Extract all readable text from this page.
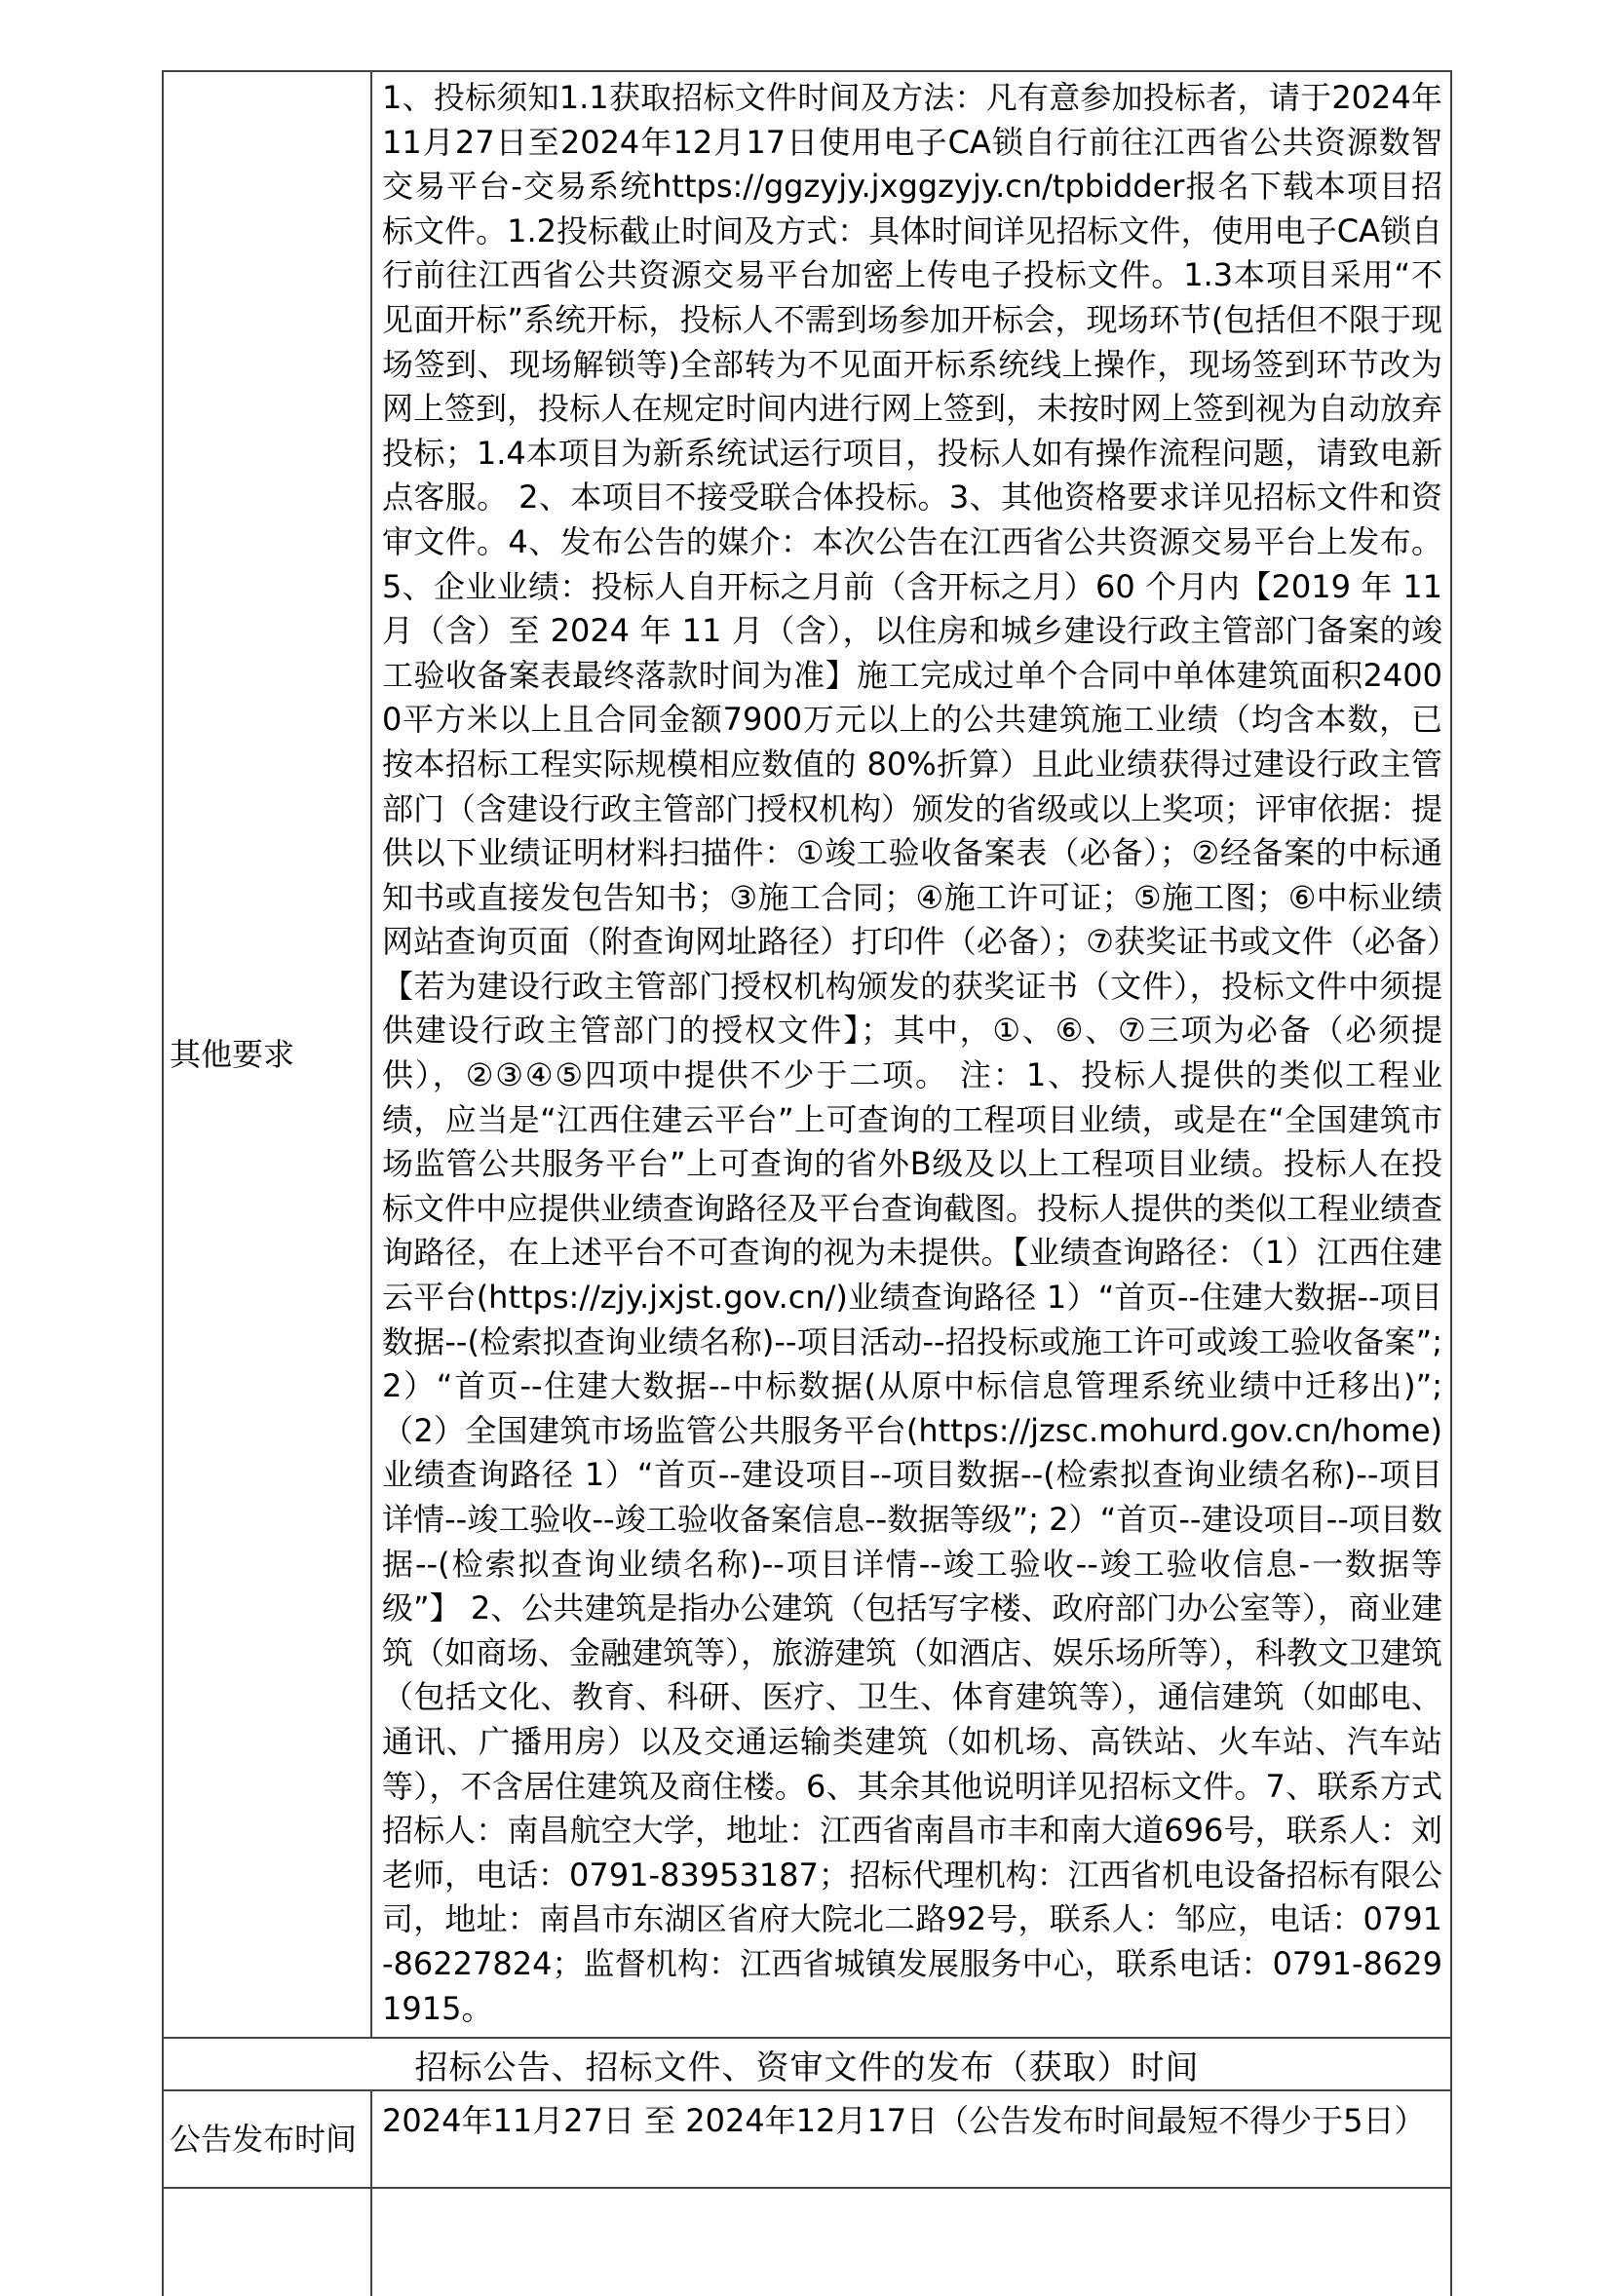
其他要求	1、投标须知1.1获取招标文件时间及方法：凡有意参加投标者，请于2024年11月27日至2024年12月17日使用电子CA锁自行前往江西省公共资源数智交易平台-交易系统https://ggzyjy.jxggzyjy.cn/tpbidder报名下载本项目招标文件。1.2投标截止时间及方式：具体时间详见招标文件，使用电子CA锁自行前往江西省公共资源交易平台加密上传电子投标文件。1.3本项目采用“不见面开标”系统开标，投标人不需到场参加开标会，现场环节(包括但不限于现场签到、现场解锁等)全部转为不见面开标系统线上操作，现场签到环节改为网上签到，投标人在规定时间内进行网上签到，未按时网上签到视为自动放弃投标；1.4本项目为新系统试运行项目，投标人如有操作流程问题，请致电新点客服。 2、本项目不接受联合体投标。3、其他资格要求详见招标文件和资审文件。4、发布公告的媒介：本次公告在江西省公共资源交易平台上发布。5、企业业绩：投标人自开标之月前（含开标之月）60 个月内【2019 年 11月（含）至 2024 年 11 月（含），以住房和城乡建设行政主管部门备案的竣工验收备案表最终落款时间为准】施工完成过单个合同中单体建筑面积24000平方米以上且合同金额7900万元以上的公共建筑施工业绩（均含本数，已按本招标工程实际规模相应数值的 80%折算）且此业绩获得过建设行政主管部门（含建设行政主管部门授权机构）颁发的省级或以上奖项；评审依据：提供以下业绩证明材料扫描件：①竣工验收备案表（必备）；②经备案的中标通知书或直接发包告知书；③施工合同；④施工许可证；⑤施工图；⑥中标业绩网站查询页面（附查询网址路径）打印件（必备）；⑦获奖证书或文件（必备）【若为建设行政主管部门授权机构颁发的获奖证书（文件），投标文件中须提供建设行政主管部门的授权文件】；其中，①、⑥、⑦三项为必备（必须提供），②③④⑤四项中提供不少于二项。 注：1、投标人提供的类似工程业绩，应当是“江西住建云平台”上可查询的工程项目业绩，或是在“全国建筑市场监管公共服务平台”上可查询的省外B级及以上工程项目业绩。投标人在投标文件中应提供业绩查询路径及平台查询截图。投标人提供的类似工程业绩查询路径，在上述平台不可查询的视为未提供。【业绩查询路径：（1）江西住建云平台(https://zjy.jxjst.gov.cn/)业绩查询路径 1）“首页--住建大数据--项目数据--(检索拟查询业绩名称)--项目活动--招投标或施工许可或竣工验收备案”; 2）“首页--住建大数据--中标数据(从原中标信息管理系统业绩中迁移出)”; （2）全国建筑市场监管公共服务平台(https://jzsc.mohurd.gov.cn/home)业绩查询路径 1）“首页--建设项目--项目数据--(检索拟查询业绩名称)--项目详情--竣工验收--竣工验收备案信息--数据等级”; 2）“首页--建设项目--项目数据--(检索拟查询业绩名称)--项目详情--竣工验收--竣工验收信息-一数据等级”】 2、公共建筑是指办公建筑（包括写字楼、政府部门办公室等），商业建筑（如商场、金融建筑等），旅游建筑（如酒店、娱乐场所等），科教文卫建筑（包括文化、教育、科研、医疗、卫生、体育建筑等），通信建筑（如邮电、通讯、广播用房）以及交通运输类建筑（如机场、高铁站、火车站、汽车站等），不含居住建筑及商住楼。6、其余其他说明详见招标文件。7、联系方式 招标人：南昌航空大学，地址：江西省南昌市丰和南大道696号，联系人：刘老师，电话：0791-83953187；招标代理机构：江西省机电设备招标有限公司，地址：南昌市东湖区省府大院北二路92号，联系人：邹应，电话：0791-86227824；监督机构：江西省城镇发展服务中心，联系电话：0791-86291915。
招标公告、招标文件、资审文件的发布（获取）时间	
公告发布时间	2024年11月27日 至 2024年12月17日（公告发布时间最短不得少于5日）
